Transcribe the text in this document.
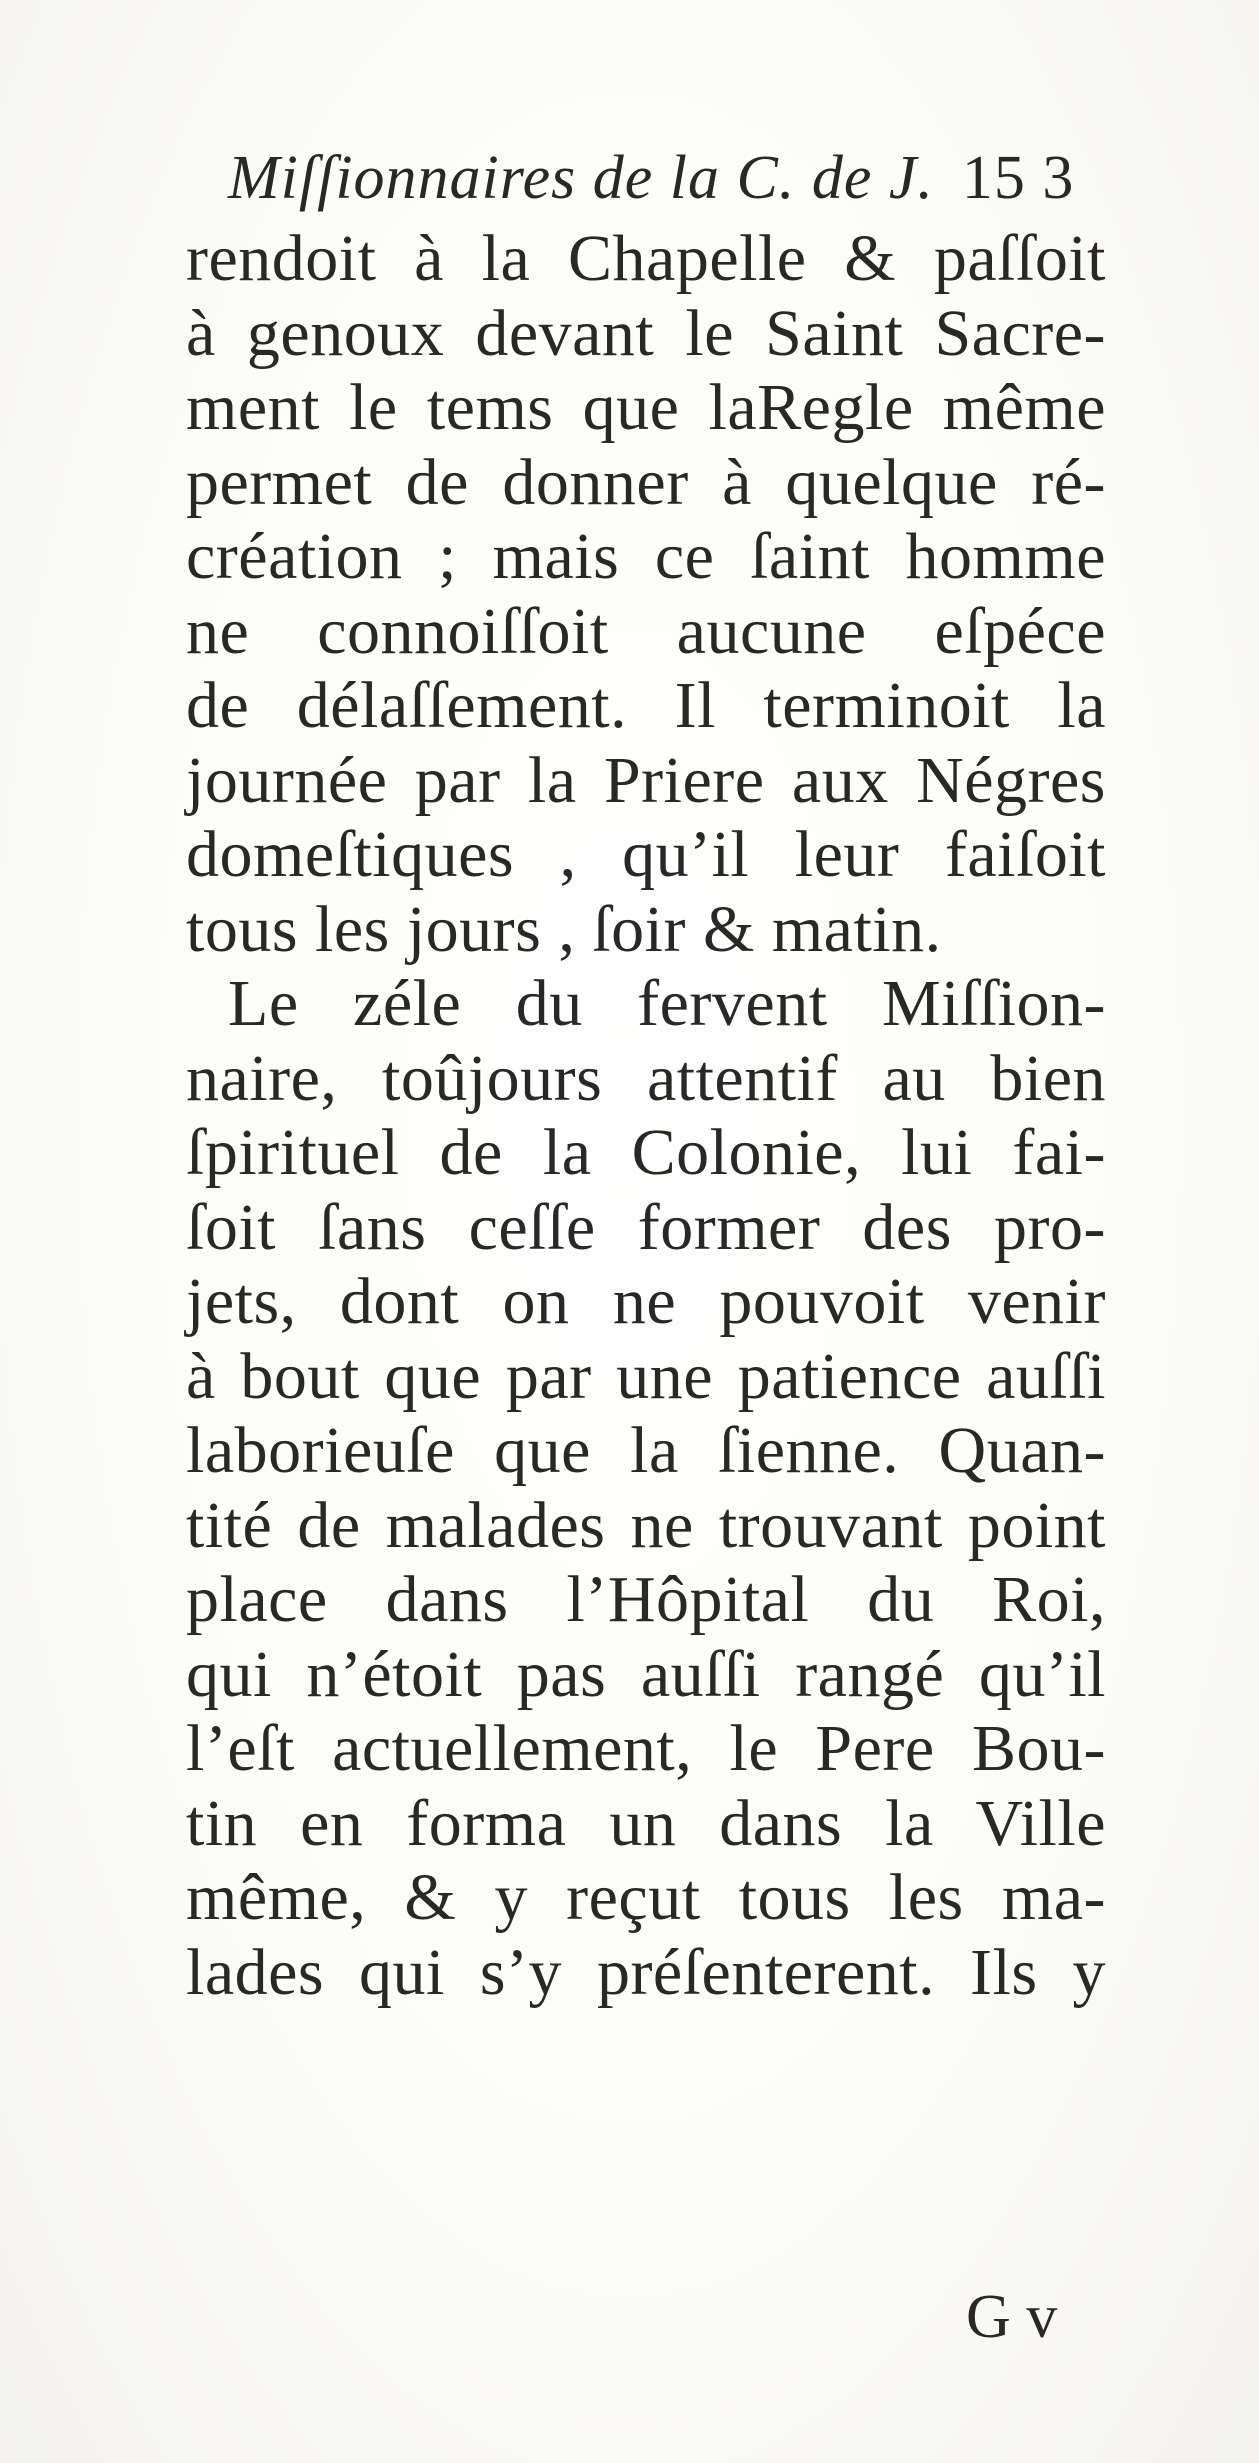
Miſſionnaires de la C. de J. 15 3
rendoit à la Chapelle & paſſoit
à genoux devant le Saint Sacre-
ment le tems que laRegle même
permet de donner à quelque ré-
création ; mais ce ſaint homme
ne connoiſſoit aucune eſpéce
de délaſſement. Il terminoit la
journée par la Priere aux Négres
domeſtiques , qu’il leur faiſoit
tous les jours , ſoir & matin.
Le zéle du fervent Miſſion-
naire, toûjours attentif au bien
ſpirituel de la Colonie, lui fai-
ſoit ſans ceſſe former des pro-
jets, dont on ne pouvoit venir
à bout que par une patience auſſi
laborieuſe que la ſienne. Quan-
tité de malades ne trouvant point
place dans l’Hôpital du Roi,
qui n’étoit pas auſſi rangé qu’il
l’eſt actuellement, le Pere Bou-
tin en forma un dans la Ville
même, & y reçut tous les ma-
lades qui s’y préſenterent. Ils y
G v
